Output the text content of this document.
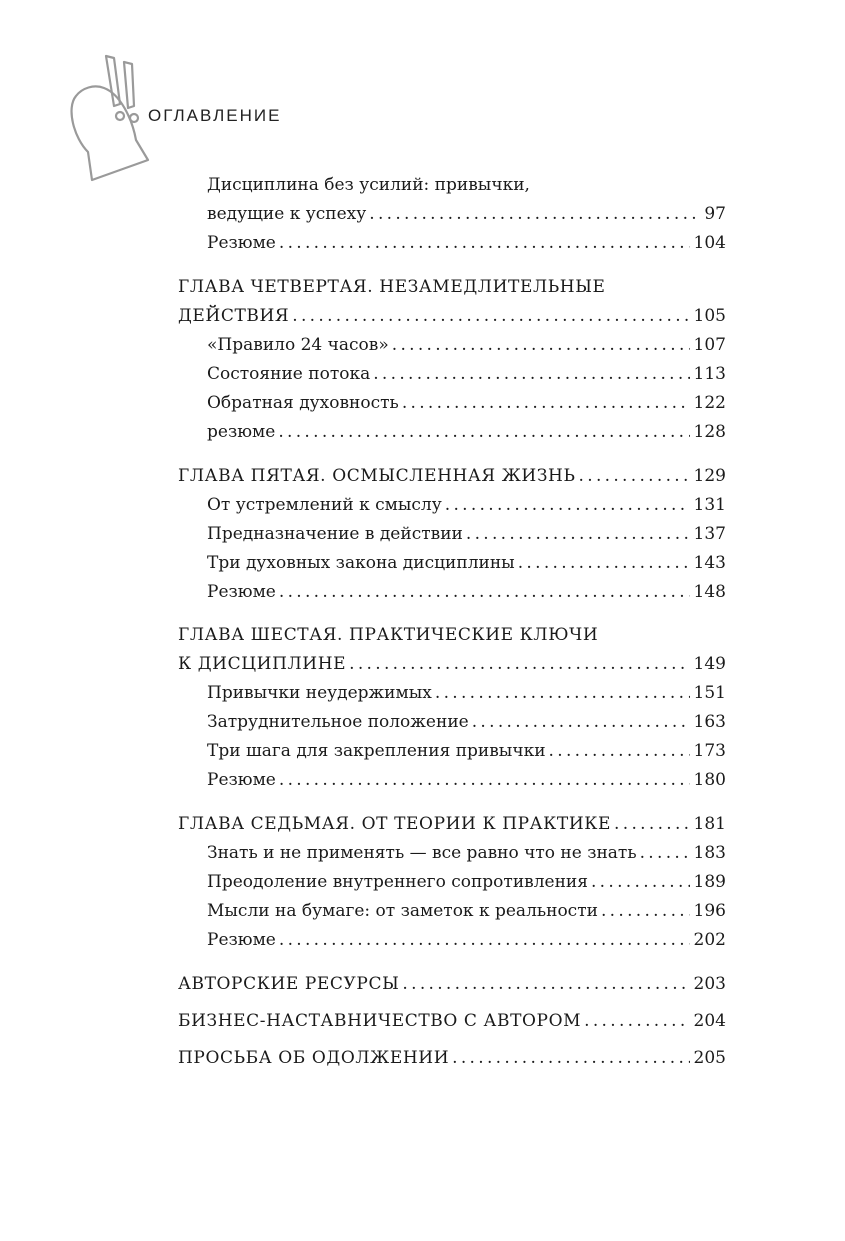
ОГЛАВЛЕНИЕ
Дисциплина без усилий: привычки,
ведущие к успеху .....	97
Резюме .....	104
ГЛАВА ЧЕТВЕРТАЯ. НЕЗАМЕДЛИТЕЛЬНЫЕ
ДЕЙСТВИЯ .....	105
«Правило 24 часов» .....	107
Состояние потока .....	113
Обратная духовность .....	122
резюме .....	128
ГЛАВА ПЯТАЯ. ОСМЫСЛЕННАЯ ЖИЗНЬ .....	129
От устремлений к смыслу .....	131
Предназначение в действии .....	137
Три духовных закона дисциплины .....	143
Резюме .....	148
ГЛАВА ШЕСТАЯ. ПРАКТИЧЕСКИЕ КЛЮЧИ
К ДИСЦИПЛИНЕ .....	149
Привычки неудержимых .....	151
Затруднительное положение .....	163
Три шага для закрепления привычки .....	173
Резюме .....	180
ГЛАВА СЕДЬМАЯ. ОТ ТЕОРИИ К ПРАКТИКЕ .....	181
Знать и не применять — все равно что не знать .....	183
Преодоление внутреннего сопротивления .....	189
Мысли на бумаге: от заметок к реальности .....	196
Резюме .....	202
АВТОРСКИЕ РЕСУРСЫ .....	203
БИЗНЕС-НАСТАВНИЧЕСТВО С АВТОРОМ .....	204
ПРОСЬБА ОБ ОДОЛЖЕНИИ .....	205
